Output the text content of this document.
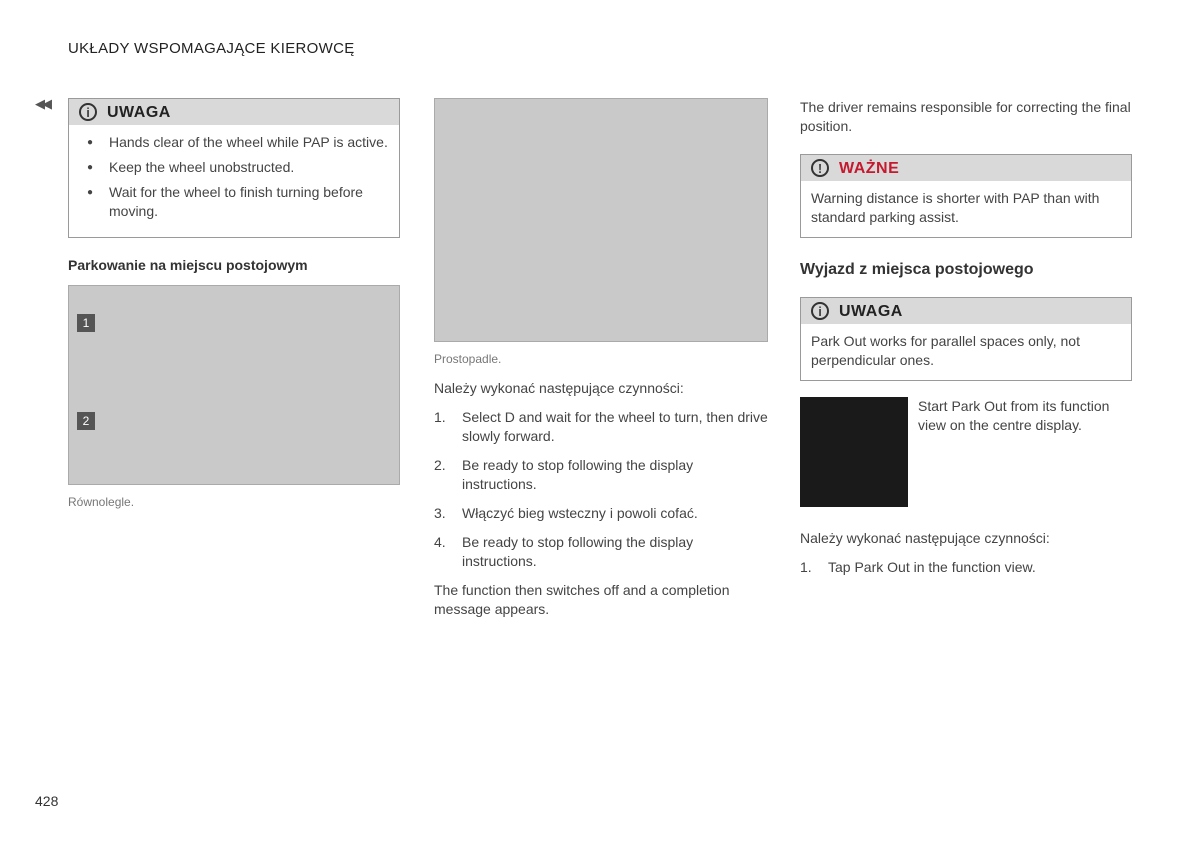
UKŁADY WSPOMAGAJĄCE KIEROWCĘ
◀◀
i	UWAGA
● Hands clear of the wheel while PAP is active.
● Keep the wheel unobstructed.
● Wait for the wheel to finish turning before moving.
Parkowanie na miejscu postojowym
1
2
Równolegle.
Prostopadle.

Należy wykonać następujące czynności:

1. Select D and wait for the wheel to turn, then drive slowly forward.
2. Be ready to stop following the display instructions.
3. Włączyć bieg wsteczny i powoli cofać.
4. Be ready to stop following the display instructions.

The function then switches off and a completion message appears.

The driver remains responsible for correcting the final position.

!	WAŻNE

Warning distance is shorter with PAP than with standard parking assist.

Wyjazd z miejsca postojowego
i	UWAGA

Park Out works for parallel spaces only, not perpendicular ones.

Start Park Out from its function view on the centre display.

Należy wykonać następujące czynności:

1. Tap Park Out in the function view.
428
